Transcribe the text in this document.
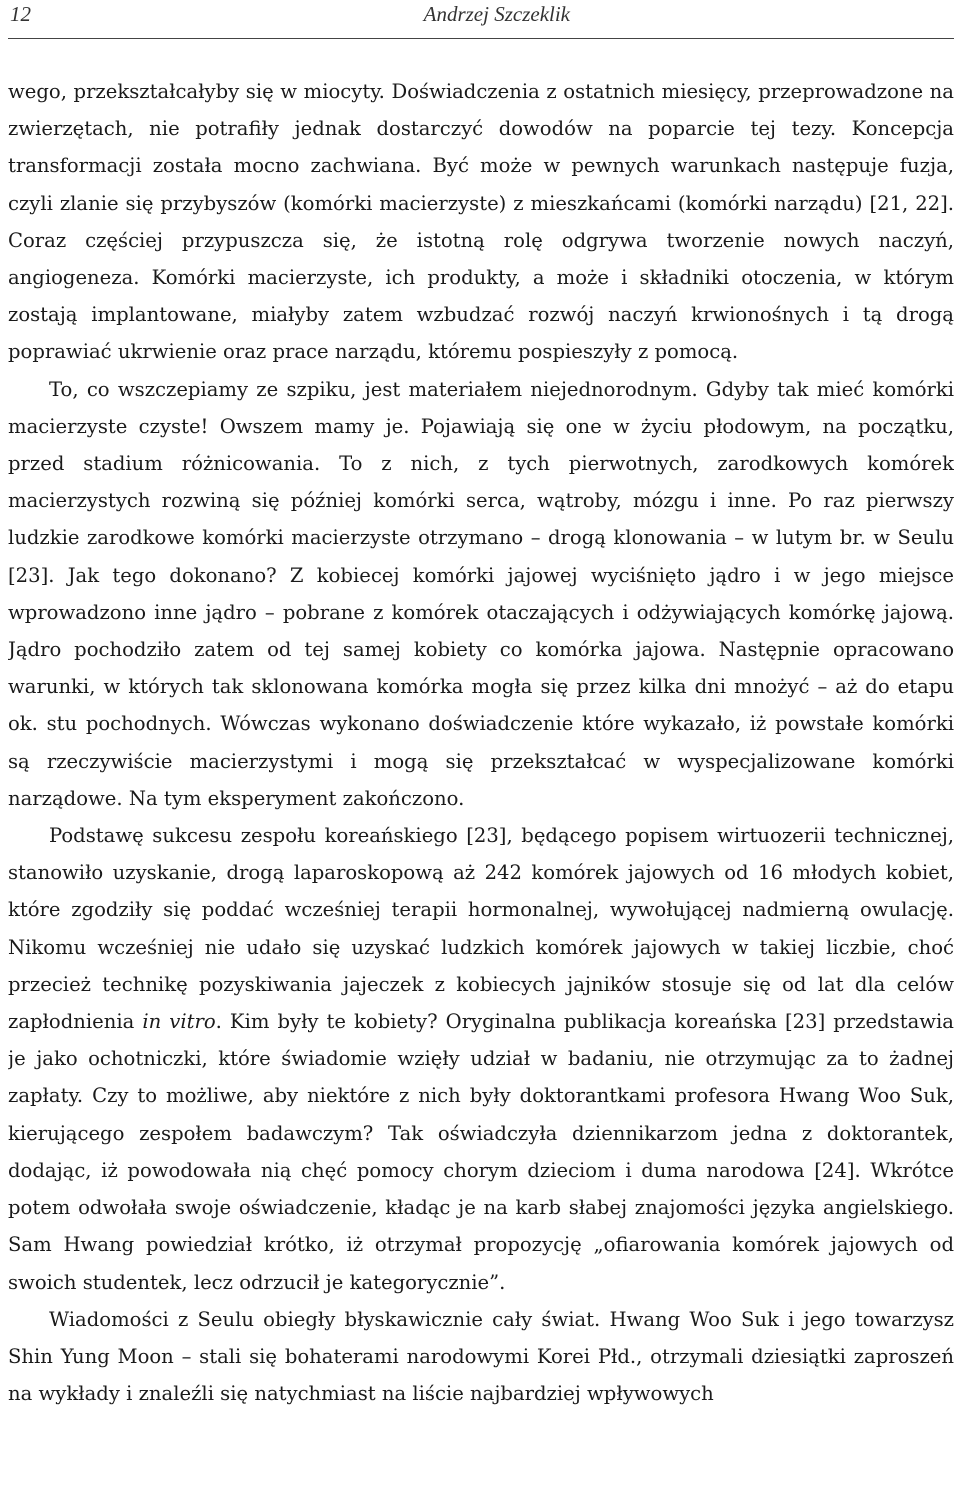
12	Andrzej Szczeklik

wego, przekształcałyby się w miocyty. Doświadczenia z ostatnich miesięcy, przeprowadzone na zwierzętach, nie potrafiły jednak dostarczyć dowodów na poparcie tej tezy. Koncepcja transformacji została mocno zachwiana. Być może w pewnych warunkach następuje fuzja, czyli zlanie się przybyszów (komórki macierzyste) z mieszkańcami (komórki narządu) [21, 22]. Coraz częściej przypuszcza się, że istotną rolę odgrywa tworzenie nowych naczyń, angiogeneza. Komórki macierzyste, ich produkty, a może i składniki otoczenia, w którym zostają implantowane, miałyby zatem wzbudzać rozwój naczyń krwionośnych i tą drogą poprawiać ukrwienie oraz prace narządu, któremu pospieszyły z pomocą.

To, co wszczepiamy ze szpiku, jest materiałem niejednorodnym. Gdyby tak mieć komórki macierzyste czyste! Owszem mamy je. Pojawiają się one w życiu płodowym, na początku, przed stadium różnicowania. To z nich, z tych pierwotnych, zarodkowych komórek macierzystych rozwiną się później komórki serca, wątroby, mózgu i inne. Po raz pierwszy ludzkie zarodkowe komórki macierzyste otrzymano – drogą klonowania – w lutym br. w Seulu [23]. Jak tego dokonano? Z kobiecej komórki jajowej wyciśnięto jądro i w jego miejsce wprowadzono inne jądro – pobrane z komórek otaczających i odżywiających komórkę jajową. Jądro pochodziło zatem od tej samej kobiety co komórka jajowa. Następnie opracowano warunki, w których tak sklonowana komórka mogła się przez kilka dni mnożyć – aż do etapu ok. stu pochodnych. Wówczas wykonano doświadczenie które wykazało, iż powstałe komórki są rzeczywiście macierzystymi i mogą się przekształcać w wyspecjalizowane komórki narządowe. Na tym eksperyment zakończono.

Podstawę sukcesu zespołu koreańskiego [23], będącego popisem wirtuozerii technicznej, stanowiło uzyskanie, drogą laparoskopową aż 242 komórek jajowych od 16 młodych kobiet, które zgodziły się poddać wcześniej terapii hormonalnej, wywołującej nadmierną owulację. Nikomu wcześniej nie udało się uzyskać ludzkich komórek jajowych w takiej liczbie, choć przecież technikę pozyskiwania jajeczek z kobiecych jajników stosuje się od lat dla celów zapłodnienia in vitro. Kim były te kobiety? Oryginalna publikacja koreańska [23] przedstawia je jako ochotniczki, które świadomie wzięły udział w badaniu, nie otrzymując za to żadnej zapłaty. Czy to możliwe, aby niektóre z nich były doktorantkami profesora Hwang Woo Suk, kierującego zespołem badawczym? Tak oświadczyła dziennikarzom jedna z doktorantek, dodając, iż powodowała nią chęć pomocy chorym dzieciom i duma narodowa [24]. Wkrótce potem odwołała swoje oświadczenie, kładąc je na karb słabej znajomości języka angielskiego. Sam Hwang powiedział krótko, iż otrzymał propozycję „ofiarowania komórek jajowych od swoich studentek, lecz odrzucił je kategorycznie”.

Wiadomości z Seulu obiegły błyskawicznie cały świat. Hwang Woo Suk i jego towarzysz Shin Yung Moon – stali się bohaterami narodowymi Korei Płd., otrzymali dziesiątki zaproszeń na wykłady i znaleźli się natychmiast na liście najbardziej wpływowych
